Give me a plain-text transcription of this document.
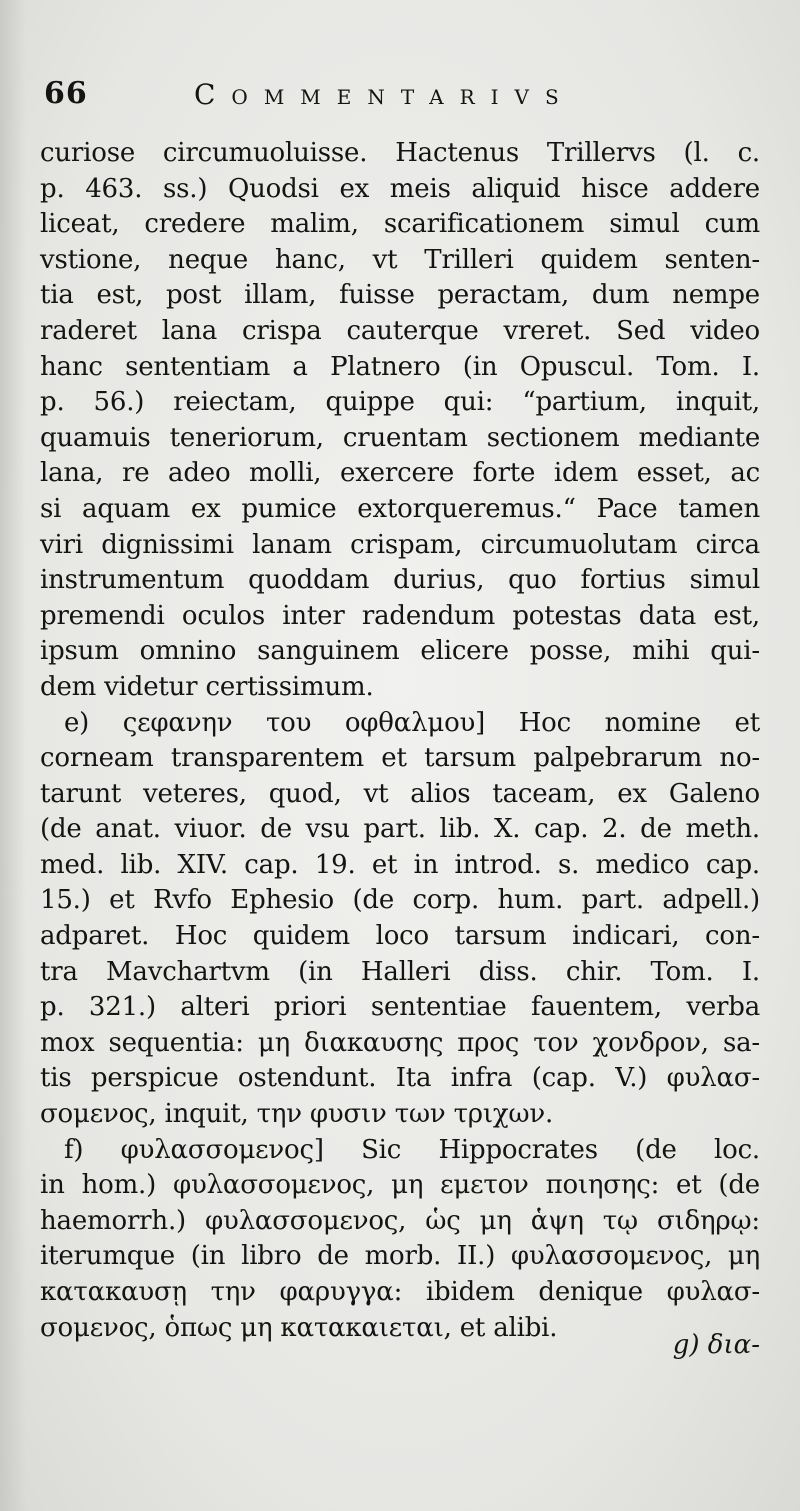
66	Commentarivs
curiose circumuoluisse. Hactenus Trillervs (l. c.
p. 463. ss.) Quodsi ex meis aliquid hisce addere
liceat, credere malim, scarificationem simul cum
vstione, neque hanc, vt Trilleri quidem senten-
tia est, post illam, fuisse peractam, dum nempe
raderet lana crispa cauterque vreret. Sed video
hanc sententiam a Platnero (in Opuscul. Tom. I.
p. 56.) reiectam, quippe qui: “partium, inquit,
quamuis teneriorum, cruentam sectionem mediante
lana, re adeo molli, exercere forte idem esset, ac
si aquam ex pumice extorqueremus.“ Pace tamen
viri dignissimi lanam crispam, circumuolutam circa
instrumentum quoddam durius, quo fortius simul
premendi oculos inter radendum potestas data est,
ipsum omnino sanguinem elicere posse, mihi qui-
dem videtur certissimum.
e) ςεφανην του οφθαλμου] Hoc nomine et
corneam transparentem et tarsum palpebrarum no-
tarunt veteres, quod, vt alios taceam, ex Galeno
(de anat. viuor. de vsu part. lib. X. cap. 2. de meth.
med. lib. XIV. cap. 19. et in introd. s. medico cap.
15.) et Rvfo Ephesio (de corp. hum. part. adpell.)
adparet. Hoc quidem loco tarsum indicari, con-
tra Mavchartvm (in Halleri diss. chir. Tom. I.
p. 321.) alteri priori sententiae fauentem, verba
mox sequentia: μη διακαυσης προς τον χονδρον, sa-
tis perspicue ostendunt. Ita infra (cap. V.) φυλασ-
σομενος, inquit, την φυσιν των τριχων.
f) φυλασσομενος] Sic Hippocrates (de loc.
in hom.) φυλασσομενος, μη εμετον ποιησης: et (de
haemorrh.) φυλασσομενος, ὡς μη ἁψη τῳ σιδηρῳ:
iterumque (in libro de morb. II.) φυλασσομενος, μη
κατακαυσῃ την φαρυγγα: ibidem denique φυλασ-
σομενος, ὁπως μη κατακαιεται, et alibi.
g) δια-
